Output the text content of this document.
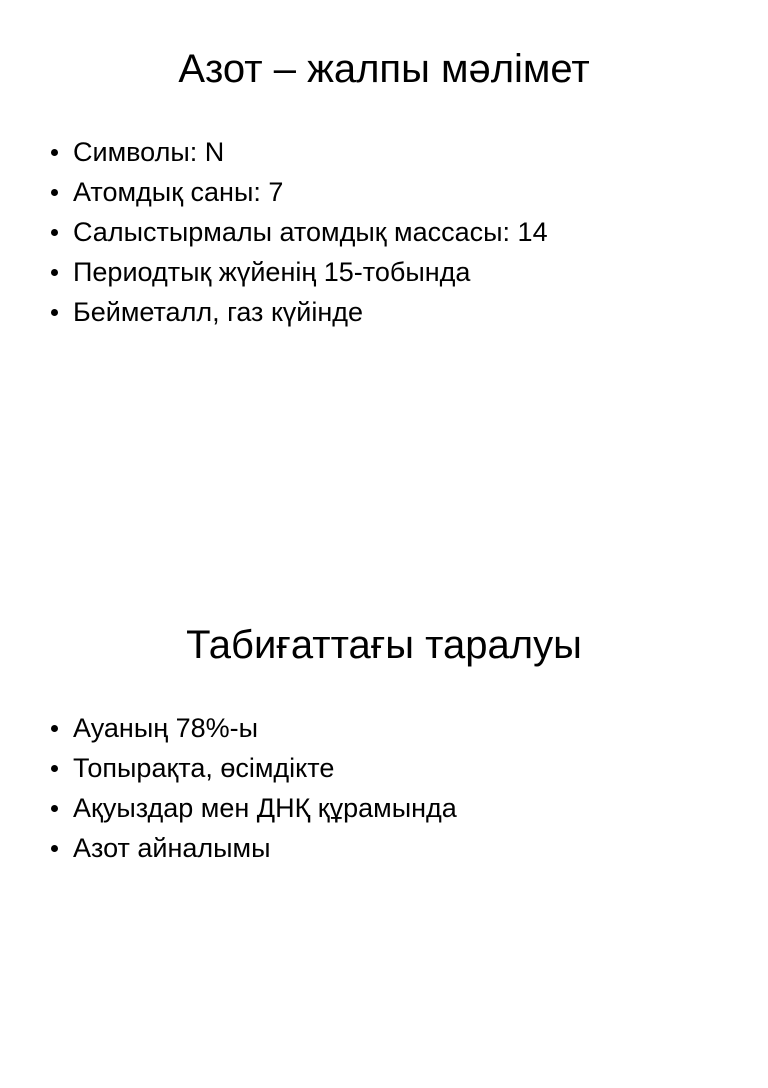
Азот – жалпы мәлімет
Символы: N
Атомдық саны: 7
Салыстырмалы атомдық массасы: 14
Периодтық жүйенің 15-тобында
Бейметалл, газ күйінде
Табиғаттағы таралуы
Ауаның 78%-ы
Топырақта, өсімдікте
Ақуыздар мен ДНҚ құрамында
Азот айналымы
